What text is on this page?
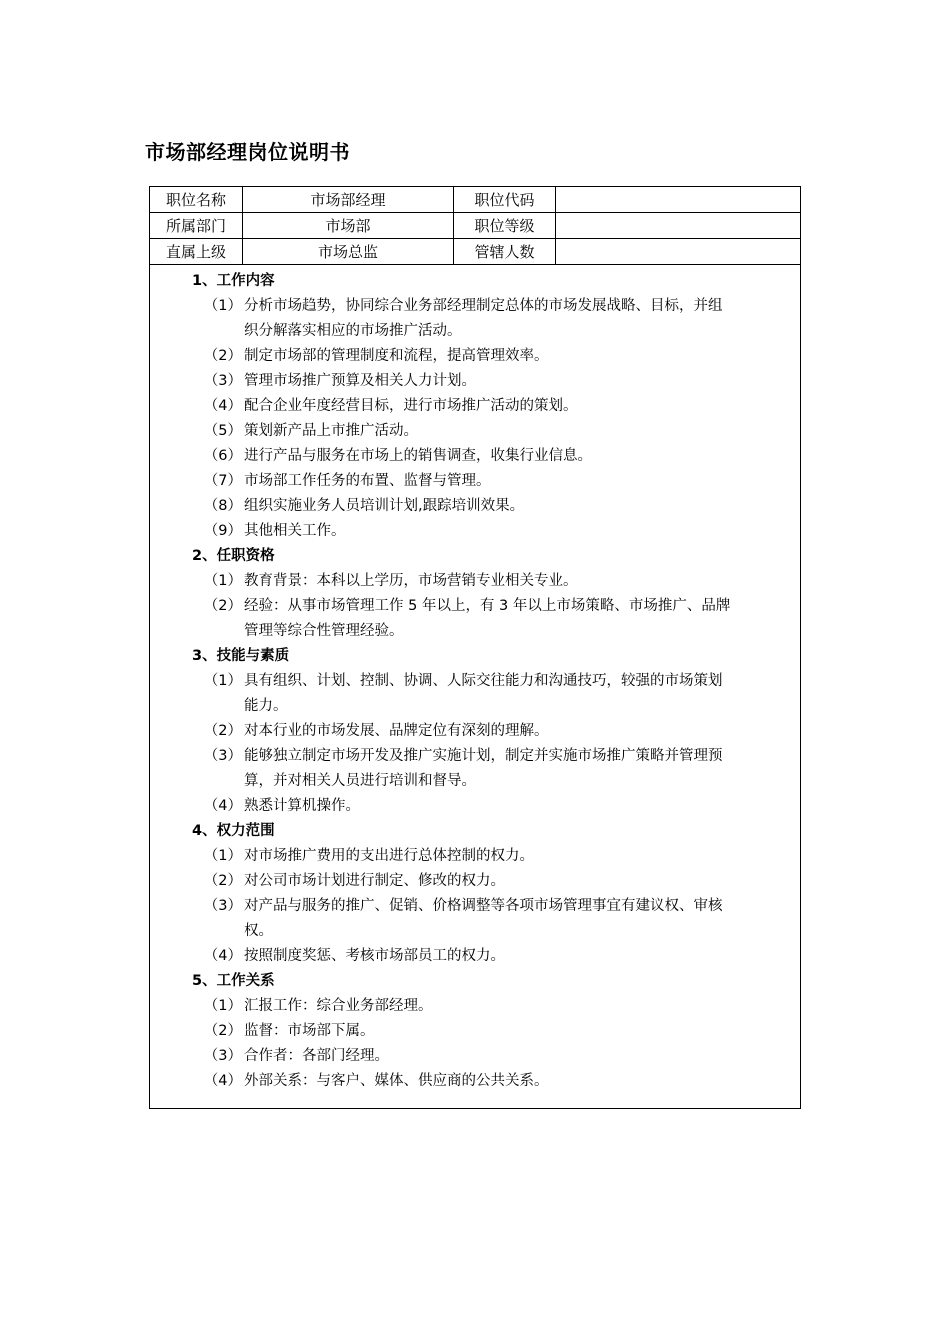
市场部经理岗位说明书
职位名称	市场部经理	职位代码
所属部门	市场部	职位等级
直属上级	市场总监	管辖人数
1、工作内容
（1） 分析市场趋势，协同综合业务部经理制定总体的市场发展战略、目标，并组
织分解落实相应的市场推广活动。
（2） 制定市场部的管理制度和流程，提高管理效率。
（3） 管理市场推广预算及相关人力计划。
（4） 配合企业年度经营目标，进行市场推广活动的策划。
（5） 策划新产品上市推广活动。
（6） 进行产品与服务在市场上的销售调查，收集行业信息。
（7） 市场部工作任务的布置、监督与管理。
（8） 组织实施业务人员培训计划,跟踪培训效果。
（9） 其他相关工作。
2、任职资格
（1） 教育背景：本科以上学历，市场营销专业相关专业。
（2） 经验：从事市场管理工作 5 年以上，有 3 年以上市场策略、市场推广、品牌
管理等综合性管理经验。
3、技能与素质
（1） 具有组织、计划、控制、协调、人际交往能力和沟通技巧，较强的市场策划
能力。
（2） 对本行业的市场发展、品牌定位有深刻的理解。
（3） 能够独立制定市场开发及推广实施计划，制定并实施市场推广策略并管理预
算，并对相关人员进行培训和督导。
（4） 熟悉计算机操作。
4、权力范围
（1） 对市场推广费用的支出进行总体控制的权力。
（2） 对公司市场计划进行制定、修改的权力。
（3） 对产品与服务的推广、促销、价格调整等各项市场管理事宜有建议权、审核
权。
（4） 按照制度奖惩、考核市场部员工的权力。
5、工作关系
（1） 汇报工作：综合业务部经理。
（2） 监督：市场部下属。
（3） 合作者：各部门经理。
（4） 外部关系：与客户、媒体、供应商的公共关系。
